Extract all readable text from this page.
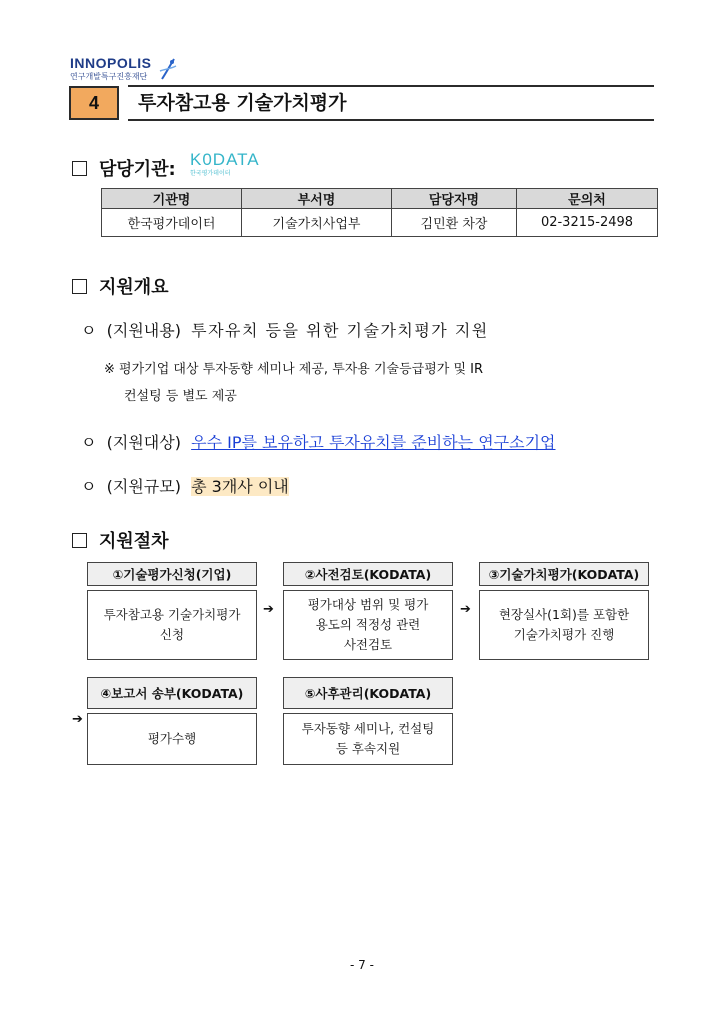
INNOPOLIS
연구개발특구진흥재단
4	투자참고용 기술가치평가
담당기관: K0DATA
한국평가데이터
기관명	부서명	담당자명	문의처
한국평가데이터	기술가치사업부	김민환 차장	02-3215-2498
지원개요
ㅇ (지원내용) 투자유치 등을 위한 기술가치평가 지원
※ 평가기업 대상 투자동향 세미나 제공, 투자용 기술등급평가 및 IR
컨설팅 등 별도 제공
ㅇ (지원대상) 우수 IP를 보유하고 투자유치를 준비하는 연구소기업
ㅇ (지원규모) 총 3개사 이내
지원절차
①기술평가신청(기업)
투자참고용 기술가치평가
신청
➔
②사전검토(KODATA)
평가대상 범위 및 평가
용도의 적정성 관련
사전검토
➔
③기술가치평가(KODATA)
현장실사(1회)를 포함한
기술가치평가 진행
➔
④보고서 송부(KODATA)
평가수행
⑤사후관리(KODATA)
투자동향 세미나, 컨설팅
등 후속지원
- 7 -
